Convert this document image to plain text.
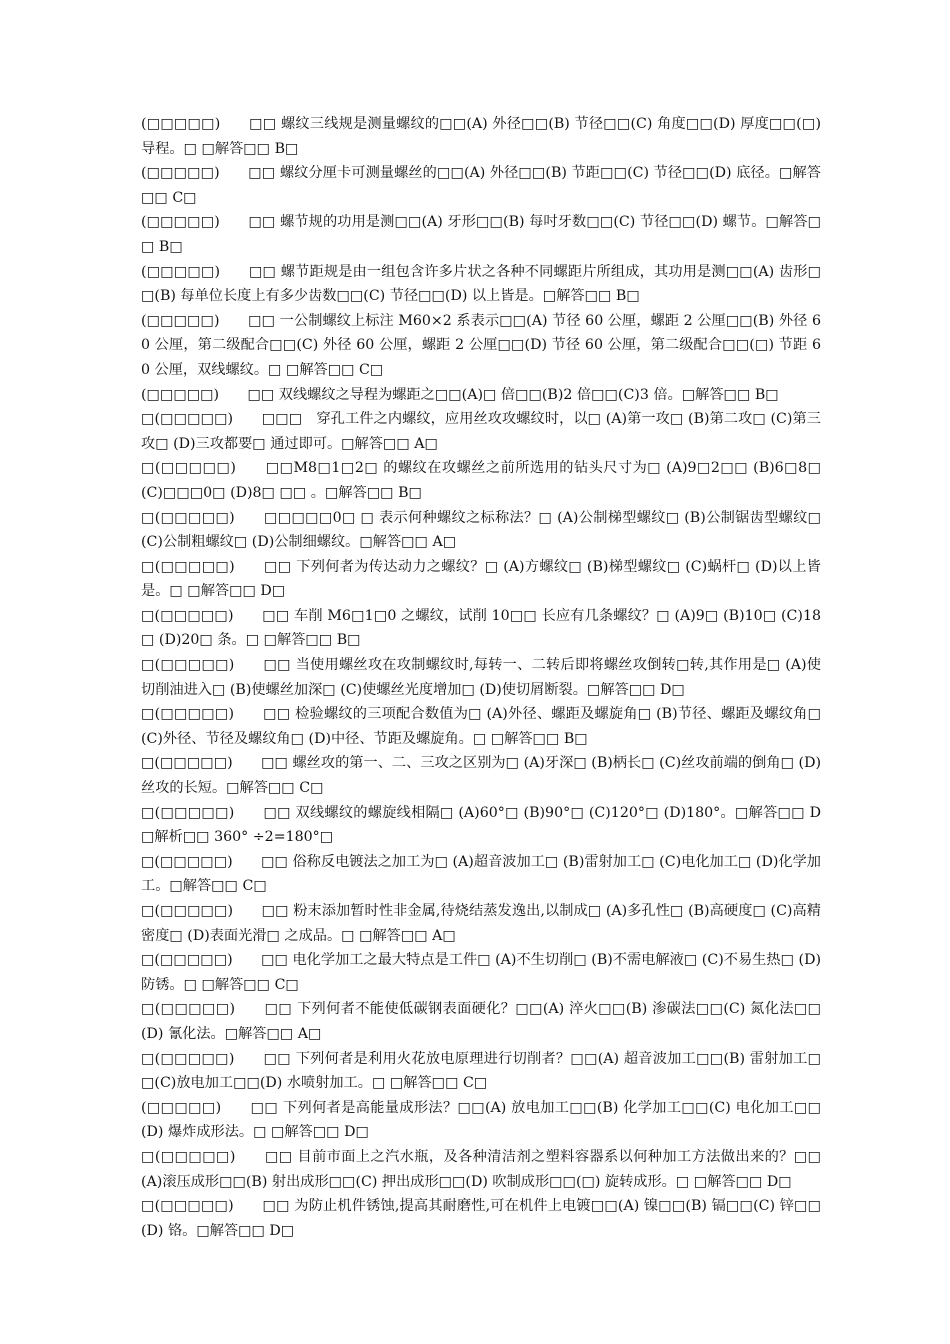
(□□□□□)　　□□ 螺纹三线规是测量螺纹的□□(A) 外径□□(B) 节径□□(C) 角度□□(D) 厚度□□(□) 导程。□ □解答□□ B□

(□□□□□)　　□□ 螺纹分厘卡可测量螺丝的□□(A) 外径□□(B) 节距□□(C) 节径□□(D) 底径。□解答□□ C□

(□□□□□)　　□□ 螺节规的功用是测□□(A) 牙形□□(B) 每吋牙数□□(C) 节径□□(D) 螺节。□解答□□ B□

(□□□□□)　　□□ 螺节距规是由一组包含许多片状之各种不同螺距片所组成，其功用是测□□(A) 齿形□□(B) 每单位长度上有多少齿数□□(C) 节径□□(D) 以上皆是。□解答□□ B□

(□□□□□)　　□□ 一公制螺纹上标注 M60×2 系表示□□(A) 节径 60 公厘，螺距 2 公厘□□(B) 外径 60 公厘，第二级配合□□(C) 外径 60 公厘，螺距 2 公厘□□(D) 节径 60 公厘，第二级配合□□(□) 节距 60 公厘，双线螺纹。□ □解答□□ C□

(□□□□□)　　□□ 双线螺纹之导程为螺距之□□(A)□ 倍□□(B)2 倍□□(C)3 倍。□解答□□ B□

□(□□□□□)　　□□□　穿孔工件之内螺纹，应用丝攻攻螺纹时，以□ (A)第一攻□ (B)第二攻□ (C)第三攻□ (D)三攻都要□ 通过即可。□解答□□ A□

□(□□□□□)　　□□M8□1□2□ 的螺纹在攻螺丝之前所选用的钻头尺寸为□ (A)9□2□□ (B)6□8□ (C)□□□0□ (D)8□ □□ 。□解答□□ B□

□(□□□□□)　　□□□□□0□ □ 表示何种螺纹之标称法？□ (A)公制梯型螺纹□ (B)公制锯齿型螺纹□ (C)公制粗螺纹□ (D)公制细螺纹。□解答□□ A□

□(□□□□□)　　□□ 下列何者为传达动力之螺纹？□ (A)方螺纹□ (B)梯型螺纹□ (C)蜗杆□ (D)以上皆是。□ □解答□□ D□

□(□□□□□)　　□□ 车削 M6□1□0 之螺纹，试削 10□□ 长应有几条螺纹？□ (A)9□ (B)10□ (C)18□ (D)20□ 条。□ □解答□□ B□

□(□□□□□)　　□□ 当使用螺丝攻在攻制螺纹时,每转一、二转后即将螺丝攻倒转□转,其作用是□ (A)使切削油进入□ (B)使螺丝加深□ (C)使螺丝光度增加□ (D)使切屑断裂。□解答□□ D□

□(□□□□□)　　□□ 检验螺纹的三项配合数值为□ (A)外径、螺距及螺旋角□ (B)节径、螺距及螺纹角□ (C)外径、节径及螺纹角□ (D)中径、节距及螺旋角。□ □解答□□ B□

□(□□□□□)　　□□ 螺丝攻的第一、二、三攻之区别为□ (A)牙深□ (B)柄长□ (C)丝攻前端的倒角□ (D)丝攻的长短。□解答□□ C□

□(□□□□□)　　□□ 双线螺纹的螺旋线相隔□ (A)60°□ (B)90°□ (C)120°□ (D)180°。□解答□□ D□解析□□ 360° ÷2=180°□

□(□□□□□)　　□□ 俗称反电镀法之加工为□ (A)超音波加工□ (B)雷射加工□ (C)电化加工□ (D)化学加工。□解答□□ C□

□(□□□□□)　　□□ 粉末添加暂时性非金属,待烧结蒸发逸出,以制成□ (A)多孔性□ (B)高硬度□ (C)高精密度□ (D)表面光滑□ 之成品。□ □解答□□ A□

□(□□□□□)　　□□ 电化学加工之最大特点是工件□ (A)不生切削□ (B)不需电解液□ (C)不易生热□ (D)防锈。□ □解答□□ C□

□(□□□□□)　　□□ 下列何者不能使低碳钢表面硬化？□□(A) 淬火□□(B) 渗碳法□□(C) 氮化法□□(D) 氰化法。□解答□□ A□

□(□□□□□)　　□□ 下列何者是利用火花放电原理进行切削者？□□(A) 超音波加工□□(B) 雷射加工□□(C)放电加工□□(D) 水喷射加工。□ □解答□□ C□

(□□□□□)　　□□ 下列何者是高能量成形法？□□(A) 放电加工□□(B) 化学加工□□(C) 电化加工□□(D) 爆炸成形法。□ □解答□□ D□

□(□□□□□)　　□□ 目前市面上之汽水瓶，及各种清洁剂之塑料容器系以何种加工方法做出来的？□□(A)滚压成形□□(B) 射出成形□□(C) 押出成形□□(D) 吹制成形□□(□) 旋转成形。□ □解答□□ D□

□(□□□□□)　　□□ 为防止机件锈蚀,提高其耐磨性,可在机件上电镀□□(A) 镍□□(B) 镉□□(C) 锌□□(D) 铬。□解答□□ D□
